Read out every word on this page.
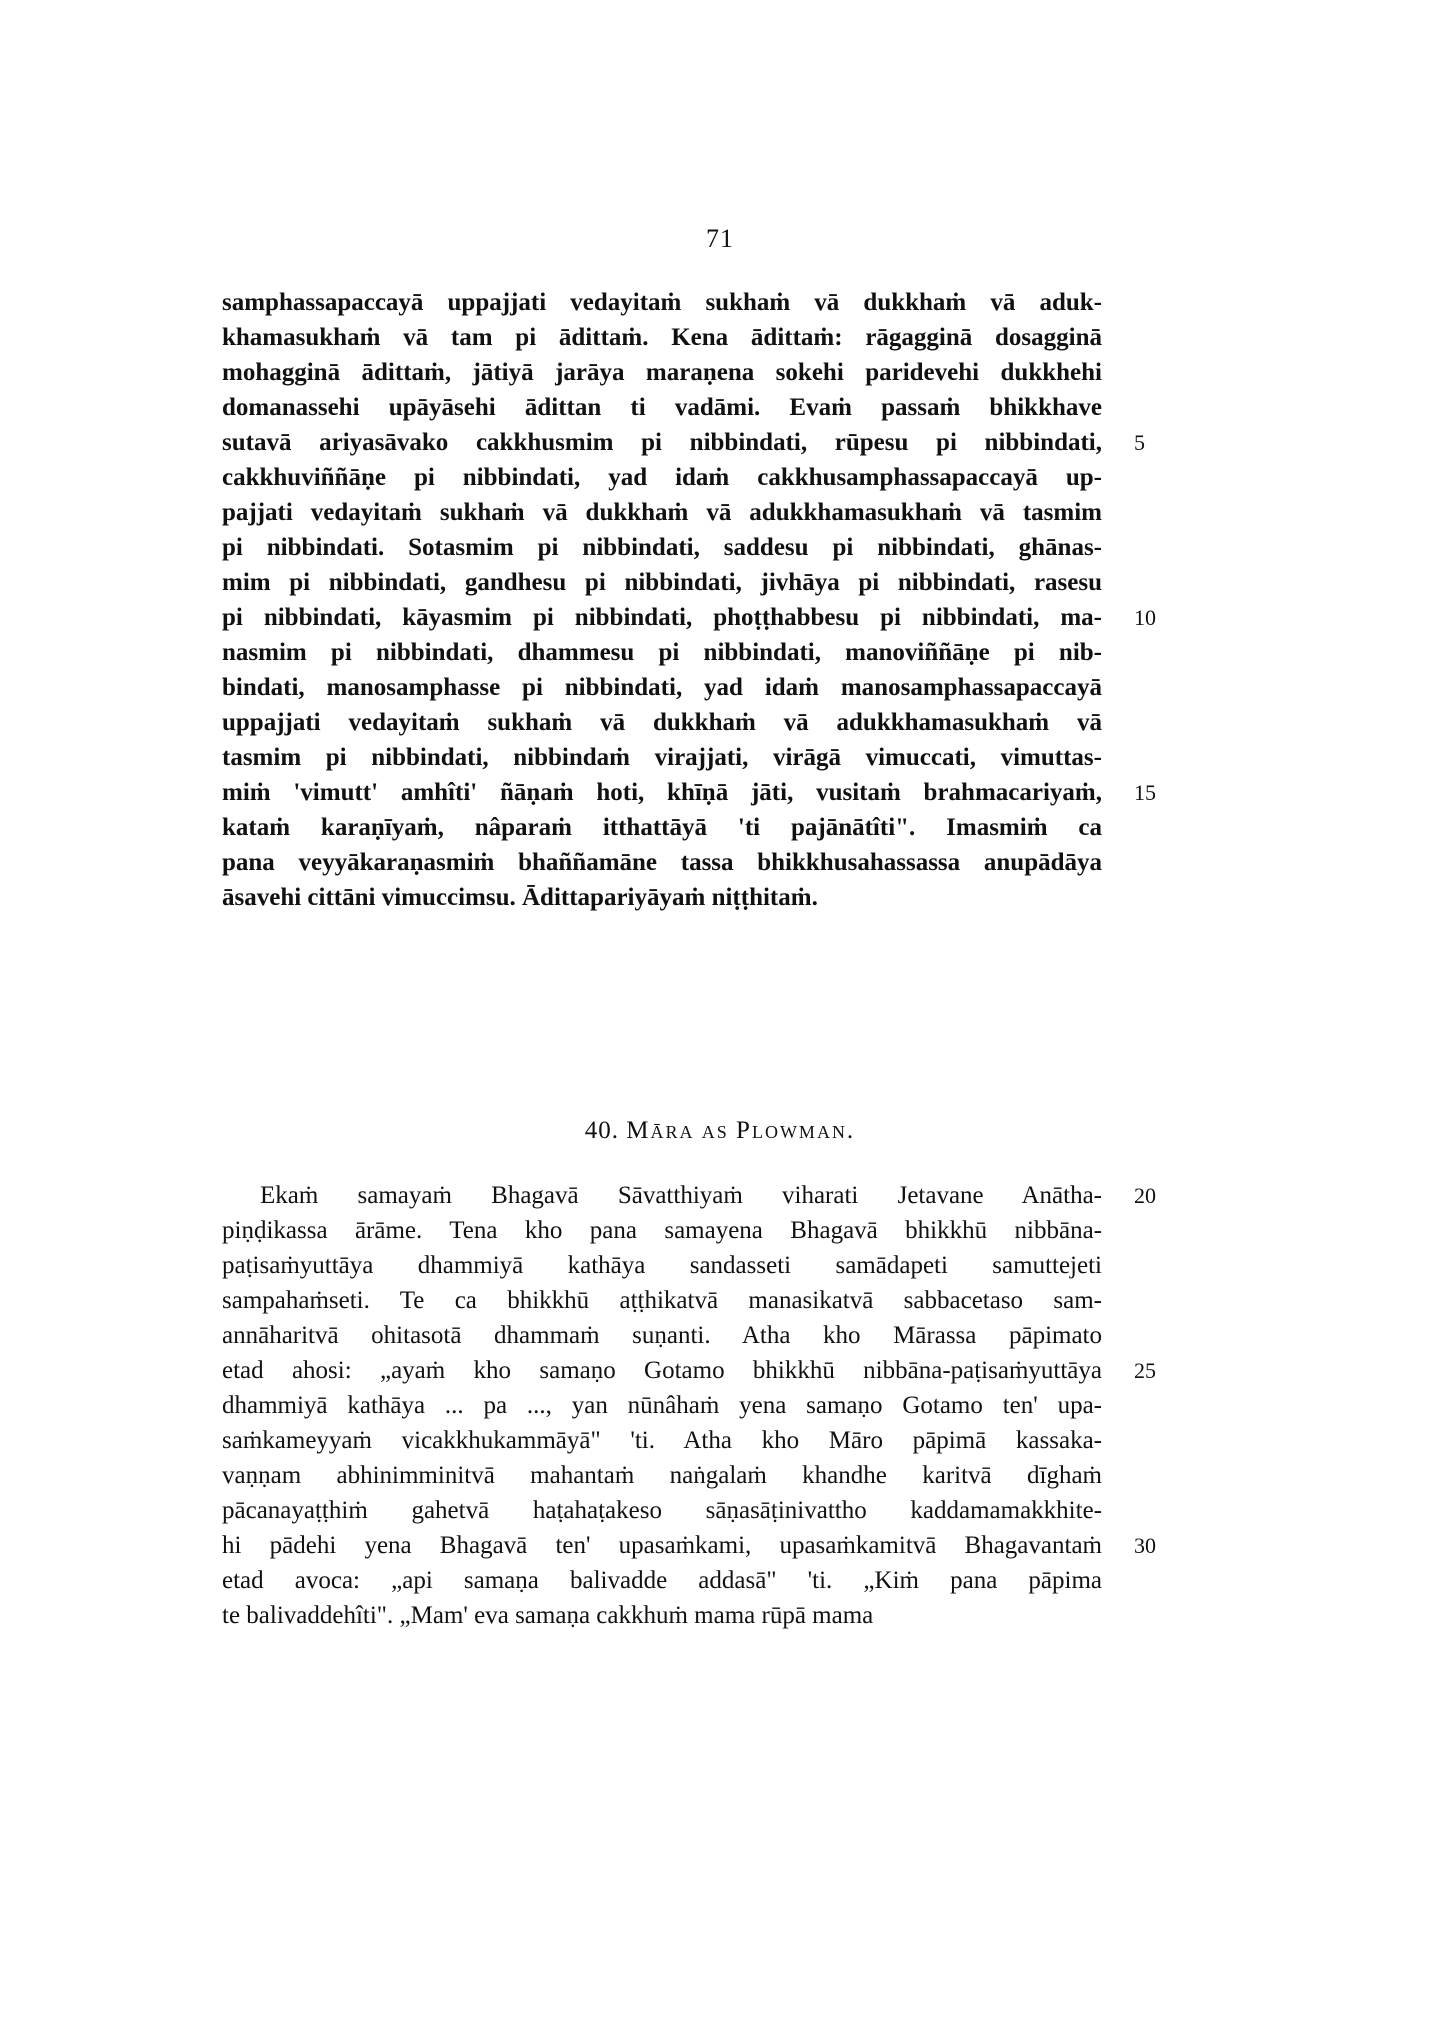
71
samphassapaccayā uppajjati vedayitaṁ sukhaṁ vā dukkhaṁ vā aduk-
khamasukhaṁ vā tam pi ādittaṁ. Kena ādittaṁ: rāgagginā dosagginā
mohagginā ādittaṁ, jātiyā jarāya maraṇena sokehi paridevehi dukkhehi
domanassehi upāyāsehi ādittan ti vadāmi. Evaṁ passaṁ bhikkhave
sutavā ariyasāvako cakkhusmim pi nibbindati, rūpesu pi nibbindati, 5
cakkhuviññāṇe pi nibbindati, yad idaṁ cakkhusamphassapaccayā up-
pajjati vedayitaṁ sukhaṁ vā dukkhaṁ vā adukkhamasukhaṁ vā tasmim
pi nibbindati. Sotasmim pi nibbindati, saddesu pi nibbindati, ghānas-
mim pi nibbindati, gandhesu pi nibbindati, jivhāya pi nibbindati, rasesu
pi nibbindati, kāyasmim pi nibbindati, phoṭṭhabbesu pi nibbindati, ma- 10
nasmim pi nibbindati, dhammesu pi nibbindati, manoviññāṇe pi nib-
bindati, manosamphasse pi nibbindati, yad idaṁ manosamphassapaccayā
uppajjati vedayitaṁ sukhaṁ vā dukkhaṁ vā adukkhamasukhaṁ vā
tasmim pi nibbindati, nibbindaṁ virajjati, virāgā vimuccati, vimuttas-
miṁ 'vimutt' amhîti' ñāṇaṁ hoti, khīṇā jāti, vusitaṁ brahmacariyaṁ, 15
kataṁ karaṇīyaṁ, nâparaṁ itthattāyā 'ti pajānātîti". Imasmiṁ ca
pana veyyākaraṇasmiṁ bhaññamāne tassa bhikkhusahassassa anupādāya
āsavehi cittāni vimuccimsu. Ādittapariyāyaṁ niṭṭhitaṁ.
40. Māra as Plowman.
Ekaṁ samayaṁ Bhagavā Sāvatthiyaṁ viharati Jetavane Anātha- 20
piṇḍikassa ārāme. Tena kho pana samayena Bhagavā bhikkhū nibbāna-
paṭisaṁyuttāya dhammiyā kathāya sandasseti samādapeti samuttejeti
sampahaṁseti. Te ca bhikkhū aṭṭhikatvā manasikatvā sabbacetaso sam-
annāharitvā ohitasotā dhammaṁ suṇanti. Atha kho Mārassa pāpimato
etad ahosi: „ayaṁ kho samaṇo Gotamo bhikkhū nibbāna-paṭisaṁyuttāya 25
dhammiyā kathāya ... pa ..., yan nūnâhaṁ yena samaṇo Gotamo ten' upa-
saṁkameyyaṁ vicakkhukammāyā" 'ti. Atha kho Māro pāpimā kassaka-
vaṇṇam abhinimminitvā mahantaṁ naṅgalaṁ khandhe karitvā dīghaṁ
pācanayaṭṭhiṁ gahetvā haṭahaṭakeso sāṇasāṭinivattho kaddamamakkhite-
hi pādehi yena Bhagavā ten' upasaṁkami, upasaṁkamitvā Bhagavantaṁ 30
etad avoca: „api samaṇa balivadde addasā" 'ti. „Kiṁ pana pāpima
te balivaddehîti". „Mam' eva samaṇa cakkhuṁ mama rūpā mama
